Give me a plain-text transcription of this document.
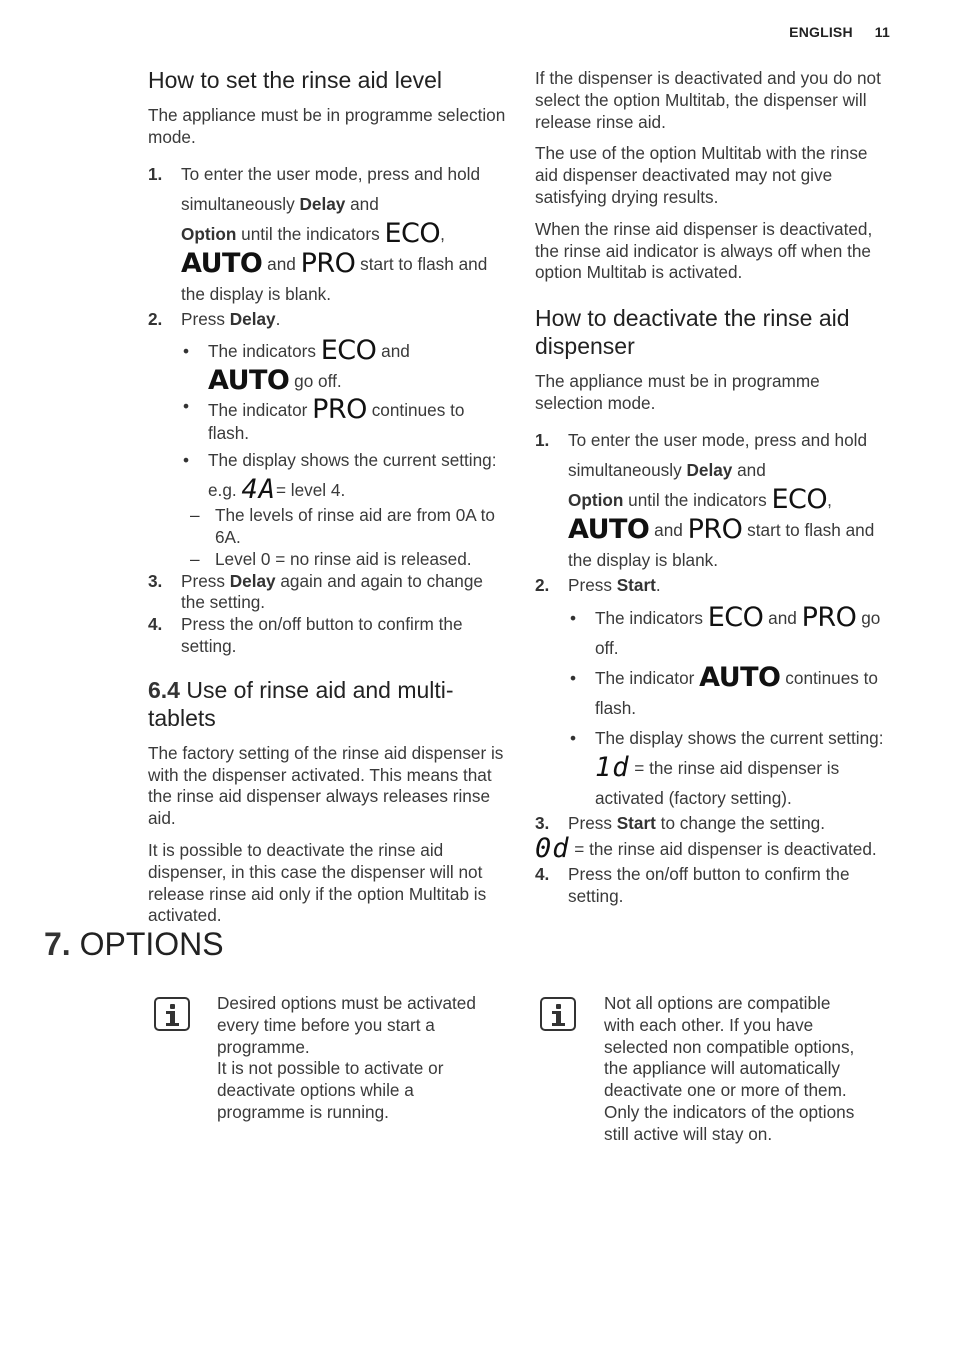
ENGLISH 11
How to set the rinse aid level

The appliance must be in programme selection mode.

1. To enter the user mode, press and hold simultaneously Delay and
Option until the indicators ECO,
AUTO and PRO start to flash and the display is blank.
2. Press Delay.
• The indicators ECO and
AUTO go off.
• The indicator PRO continues to flash.
• The display shows the current setting: e.g. 4A= level 4.
– The levels of rinse aid are from 0A to 6A.
– Level 0 = no rinse aid is released.
3. Press Delay again and again to change the setting.
4. Press the on/off button to confirm the setting.
6.4 Use of rinse aid and multi-tablets

The factory setting of the rinse aid dispenser is with the dispenser activated. This means that the rinse aid dispenser always releases rinse aid.

It is possible to deactivate the rinse aid dispenser, in this case the dispenser will not release rinse aid only if the option Multitab is activated.

If the dispenser is deactivated and you do not select the option Multitab, the dispenser will release rinse aid.

The use of the option Multitab with the rinse aid dispenser deactivated may not give satisfying drying results.

When the rinse aid dispenser is deactivated, the rinse aid indicator is always off when the option Multitab is activated.

How to deactivate the rinse aid dispenser

The appliance must be in programme selection mode.

1. To enter the user mode, press and hold simultaneously Delay and
Option until the indicators ECO,
AUTO and PRO start to flash and the display is blank.
2. Press Start.
• The indicators ECO and PRO go off.
• The indicator AUTO continues to flash.
• The display shows the current setting: 1d = the rinse aid dispenser is activated (factory setting).
3. Press Start to change the setting.
0d = the rinse aid dispenser is deactivated.
4. Press the on/off button to confirm the setting.
7. OPTIONS
Desired options must be activated every time before you start a programme.
It is not possible to activate or deactivate options while a programme is running.
Not all options are compatible with each other. If you have selected non compatible options, the appliance will automatically deactivate one or more of them. Only the indicators of the options still active will stay on.
